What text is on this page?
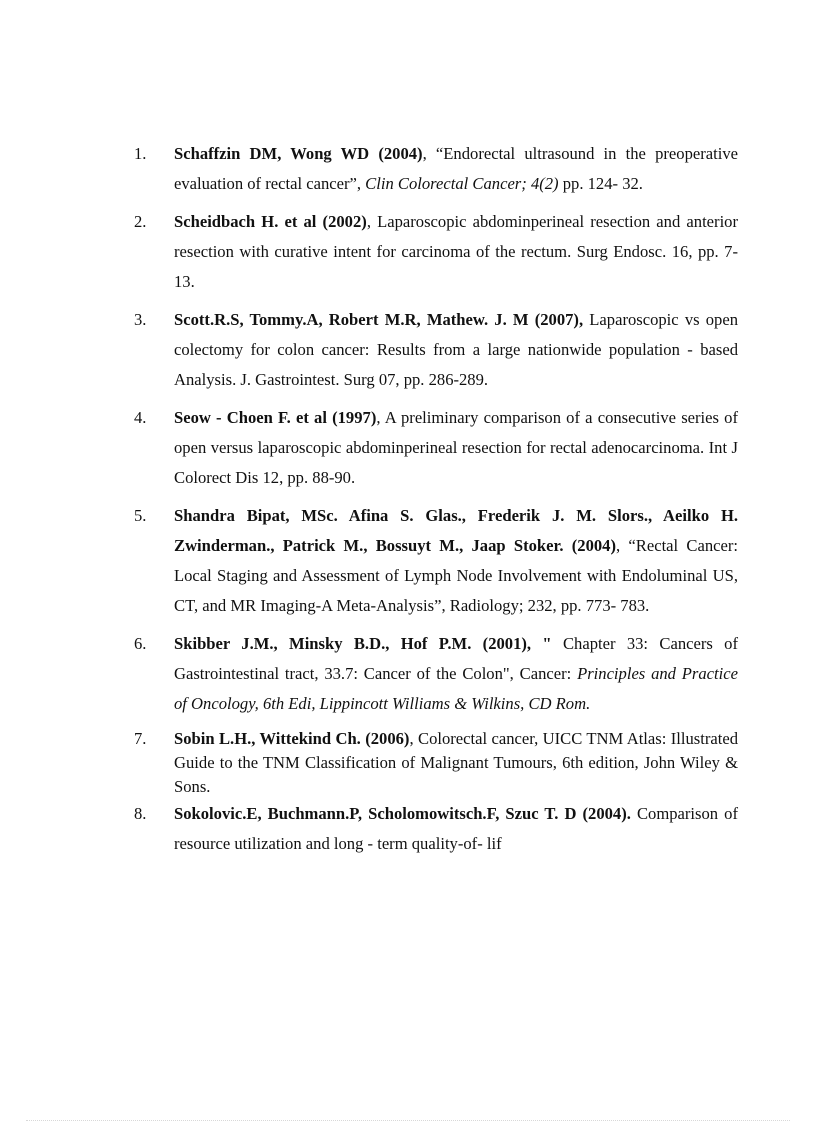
1. Schaffzin DM, Wong WD (2004), “Endorectal ultrasound in the preoperative evaluation of rectal cancer”, Clin Colorectal Cancer; 4(2) pp. 124- 32.
2. Scheidbach H. et al (2002), Laparoscopic abdominperineal resection and anterior resection with curative intent for carcinoma of the rectum. Surg Endosc. 16, pp. 7-13.
3. Scott.R.S, Tommy.A, Robert M.R, Mathew. J. M (2007), Laparoscopic vs open colectomy for colon cancer: Results from a large nationwide population - based Analysis. J. Gastrointest. Surg 07, pp. 286-289.
4. Seow - Choen F. et al (1997), A preliminary comparison of a consecutive series of open versus laparoscopic abdominperineal resection for rectal adenocarcinoma. Int J Colorect Dis 12, pp. 88-90.
5. Shandra Bipat, MSc. Afina S. Glas., Frederik J. M. Slors., Aeilko H. Zwinderman., Patrick M., Bossuyt M., Jaap Stoker. (2004), “Rectal Cancer: Local Staging and Assessment of Lymph Node Involvement with Endoluminal US, CT, and MR Imaging-A Meta-Analysis”, Radiology; 232, pp. 773- 783.
6. Skibber J.M., Minsky B.D., Hof P.M. (2001), " Chapter 33: Cancers of Gastrointestinal tract, 33.7: Cancer of the Colon", Cancer: Principles and Practice of Oncology, 6th Edi, Lippincott Williams & Wilkins, CD Rom.
7. Sobin L.H., Wittekind Ch. (2006), Colorectal cancer, UICC TNM Atlas: Illustrated Guide to the TNM Classification of Malignant Tumours, 6th edition, John Wiley & Sons.
8. Sokolovic.E, Buchmann.P, Scholomowitsch.F, Szuc T. D (2004). Comparison of resource utilization and long - term quality-of- lif
